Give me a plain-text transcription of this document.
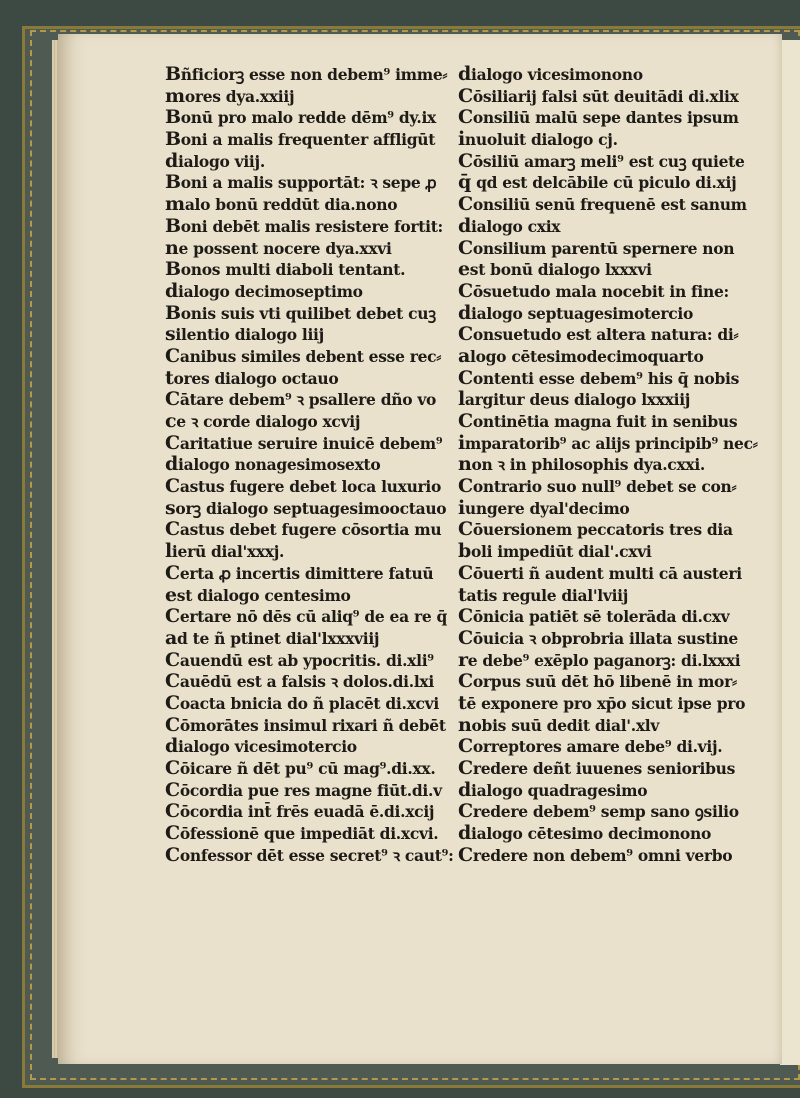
Bñficiorꝫ esse non debem⁹ imme⸗
mores dya.xxiij
Bonū pro malo redde dēm⁹ dy.ix
Boni a malis frequenter affligūt
dialogo viij.
Boni a malis supportāt: ꝛ sepe ꝓ
malo bonū reddūt dia.nono
Boni debēt malis resistere fortit:
ne possent nocere dya.xxvi
Bonos multi diaboli tentant.
dialogo decimoseptimo
Bonis suis vti quilibet debet cuꝫ
silentio dialogo liij
Canibus similes debent esse rec⸗
tores dialogo octauo
Cātare debem⁹ ꝛ psallere dño vo
ce ꝛ corde dialogo xcvij
Caritatiue seruire inuicē debem⁹
dialogo nonagesimosexto
Castus fugere debet loca luxurio
sorꝫ dialogo septuagesimooctauo
Castus debet fugere cōsortia mu
lierū dial'xxxj.
Certa ꝓ incertis dimittere fatuū
est dialogo centesimo
Certare nō dēs cū aliq⁹ de ea re q̄
ad te ñ ptinet dial'lxxxviij
Cauendū est ab ypocritis. di.xli⁹
Cauēdū est a falsis ꝛ dolos.di.lxi
Coacta bnicia do ñ placēt di.xcvi
Cōmorātes insimul rixari ñ debēt
dialogo vicesimotercio
Cōicare ñ dēt pu⁹ cū mag⁹.di.xx.
Cōcordia pue res magne fiūt.di.v
Cōcordia int̄ frēs euadā ē.di.xcij
Cōfessionē que impediāt di.xcvi.
Confessor dēt esse secret⁹ ꝛ caut⁹:
dialogo vicesimonono
Cōsiliarij falsi sūt deuitādi di.xlix
Consiliū malū sepe dantes ipsum
inuoluit dialogo cj.
Cōsiliū amarꝫ meli⁹ est cuꝫ quiete
q̄ qd est delcābile cū piculo di.xij
Consiliū senū frequenē est sanum
dialogo cxix
Consilium parentū spernere non
est bonū dialogo lxxxvi
Cōsuetudo mala nocebit in fine:
dialogo septuagesimotercio
Consuetudo est altera natura: di⸗
alogo cētesimodecimoquarto
Contenti esse debem⁹ his q̄ nobis
largitur deus dialogo lxxxiij
Continētia magna fuit in senibus
imparatorib⁹ ac alijs principib⁹ nec⸗
non ꝛ in philosophis dya.cxxi.
Contrario suo null⁹ debet se con⸗
iungere dyal'decimo
Cōuersionem peccatoris tres dia
boli impediūt dial'.cxvi
Cōuerti ñ audent multi cā austeri
tatis regule dial'lviij
Cōnicia patiēt sē tolerāda di.cxv
Cōuicia ꝛ obprobria illata sustine
re debe⁹ exēplo paganorꝫ: di.lxxxi
Corpus suū dēt hō libenē in mor⸗
tē exponere pro xp̄o sicut ipse pro
nobis suū dedit dial'.xlv
Correptores amare debe⁹ di.vij.
Credere deñt iuuenes senioribus
dialogo quadragesimo
Credere debem⁹ semp sano ꝯsilio
dialogo cētesimo decimonono
Credere non debem⁹ omni verbo
